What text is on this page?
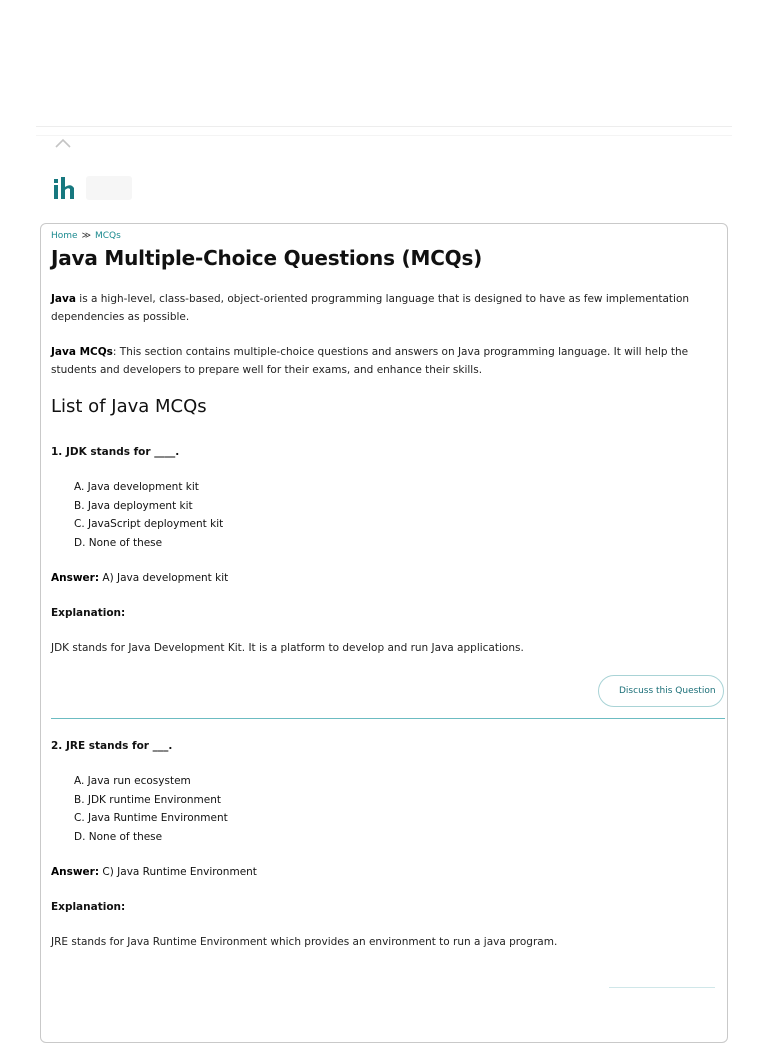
Home ≫ MCQs
Java Multiple-Choice Questions (MCQs)

Java is a high-level, class-based, object-oriented programming language that is designed to have as few implementation dependencies as possible.

Java MCQs: This section contains multiple-choice questions and answers on Java programming language. It will help the students and developers to prepare well for their exams, and enhance their skills.

List of Java MCQs

1. JDK stands for ____.

A. Java development kit
B. Java deployment kit
C. JavaScript deployment kit
D. None of these

Answer: A) Java development kit

Explanation:

JDK stands for Java Development Kit. It is a platform to develop and run Java applications.

Discuss this Question

2. JRE stands for ___.

A. Java run ecosystem
B. JDK runtime Environment
C. Java Runtime Environment
D. None of these

Answer: C) Java Runtime Environment

Explanation:

JRE stands for Java Runtime Environment which provides an environment to run a java program.
